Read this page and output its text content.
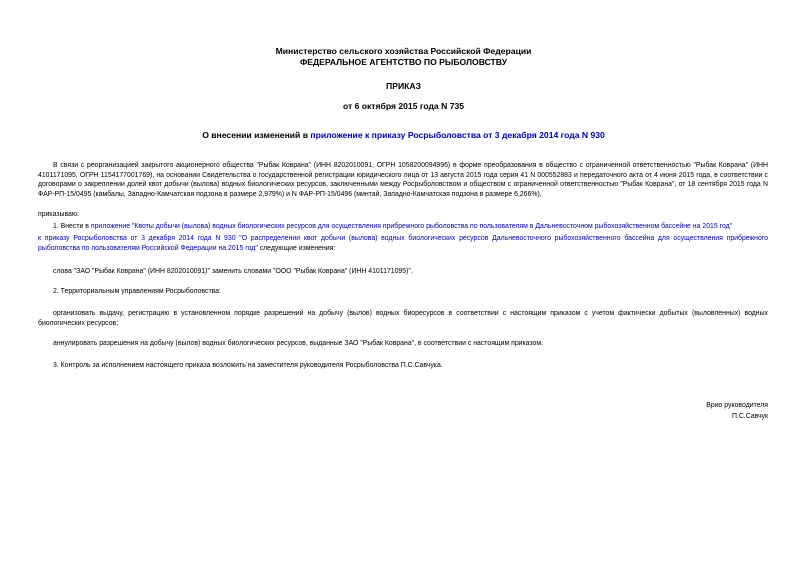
Министерство сельского хозяйства Российской Федерации
ФЕДЕРАЛЬНОЕ АГЕНТСТВО ПО РЫБОЛОВСТВУ
ПРИКАЗ
от 6 октября 2015 года N 735
О внесении изменений в приложение к приказу Росрыболовства от 3 декабря 2014 года N 930
В связи с реорганизацией закрытого акционерного общества "Рыбак Коврана" (ИНН 8202010091, ОГРН 1058200094996) в форме преобразования в общество с ограниченной ответственностью "Рыбак Коврана" (ИНН 4101171095, ОГРН 1154177001769), на основании Свидетельства о государственной регистрации юридического лица от 13 августа 2015 года серия 41 N 000552883 и передаточного акта от 4 июня 2015 года, в соответствии с договорами о закреплении долей квот добычи (вылова) водных биологических ресурсов, заключенными между Росрыболовством и обществом с ограниченной ответственностью "Рыбак Коврана", от 18 сентября 2015 года N ФАР-РП-15/0495 (камбалы, Западно-Камчатская подзона в размере 2,979%) и N ФАР-РП-15/0496 (минтай, Западно-Камчатская подзона в размере 6,266%),
приказываю:
1. Внести в приложение "Квоты добычи (вылова) водных биологических ресурсов для осуществления прибрежного рыболовства по пользователям в Дальневосточном рыбохозяйственном бассейне на 2015 год"
к приказу Росрыболовства от 3 декабря 2014 года N 930 "О распределении квот добычи (вылова) водных биологических ресурсов Дальневосточного рыбохозяйственного бассейна для осуществления прибрежного рыболовства по пользователям Российской Федерации на 2015 год" следующие изменения:
слова "ЗАО "Рыбак Коврана" (ИНН 8202010091)" заменить словами "ООО "Рыбак Коврана" (ИНН 4101171095)".
2. Территориальным управлениям Росрыболовства:
организовать выдачу, регистрацию в установленном порядке разрешений на добычу (вылов) водных биоресурсов в соответствии с настоящим приказом с учетом фактически добытых (выловленных) водных биологических ресурсов;
аннулировать разрешения на добычу (вылов) водных биологических ресурсов, выданные ЗАО "Рыбак Коврана", в соответствии с настоящим приказом.
3. Контроль за исполнением настоящего приказа возложить на заместителя руководителя Росрыболовства П.С.Савчука.
Врио руководителя
П.С.Савчук
